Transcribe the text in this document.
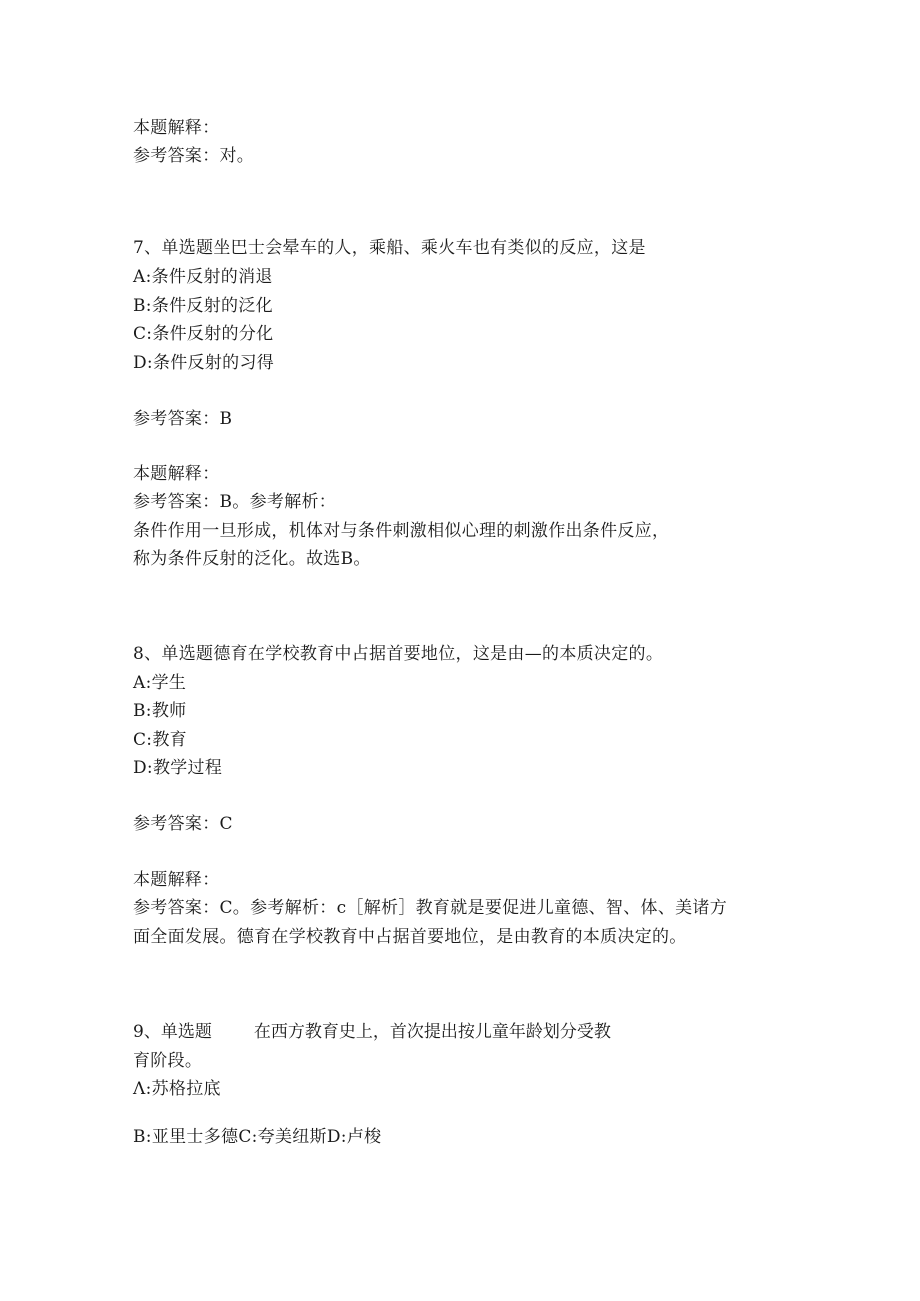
本题解释：
参考答案：对。
7、单选题坐巴士会晕车的人，乘船、乘火车也有类似的反应，这是
A:条件反射的消退
B:条件反射的泛化
C:条件反射的分化
D:条件反射的习得
参考答案：B
本题解释：
参考答案：B。参考解析：
条件作用一旦形成，机体对与条件刺激相似心理的刺激作出条件反应，
称为条件反射的泛化。故选B。
8、单选题德育在学校教育中占据首要地位，这是由—的本质决定的。
A:学生
B:教师
C:教育
D:教学过程
参考答案：C
本题解释：
参考答案：C。参考解析：c［解析］教育就是要促进儿童德、智、体、美诸方
面全面发展。德育在学校教育中占据首要地位，是由教育的本质决定的。
9、单选题 在西方教育史上，首次提出按儿童年龄划分受教
育阶段。
Λ:苏格拉底
B:亚里士多德C:夸美纽斯D:卢梭
